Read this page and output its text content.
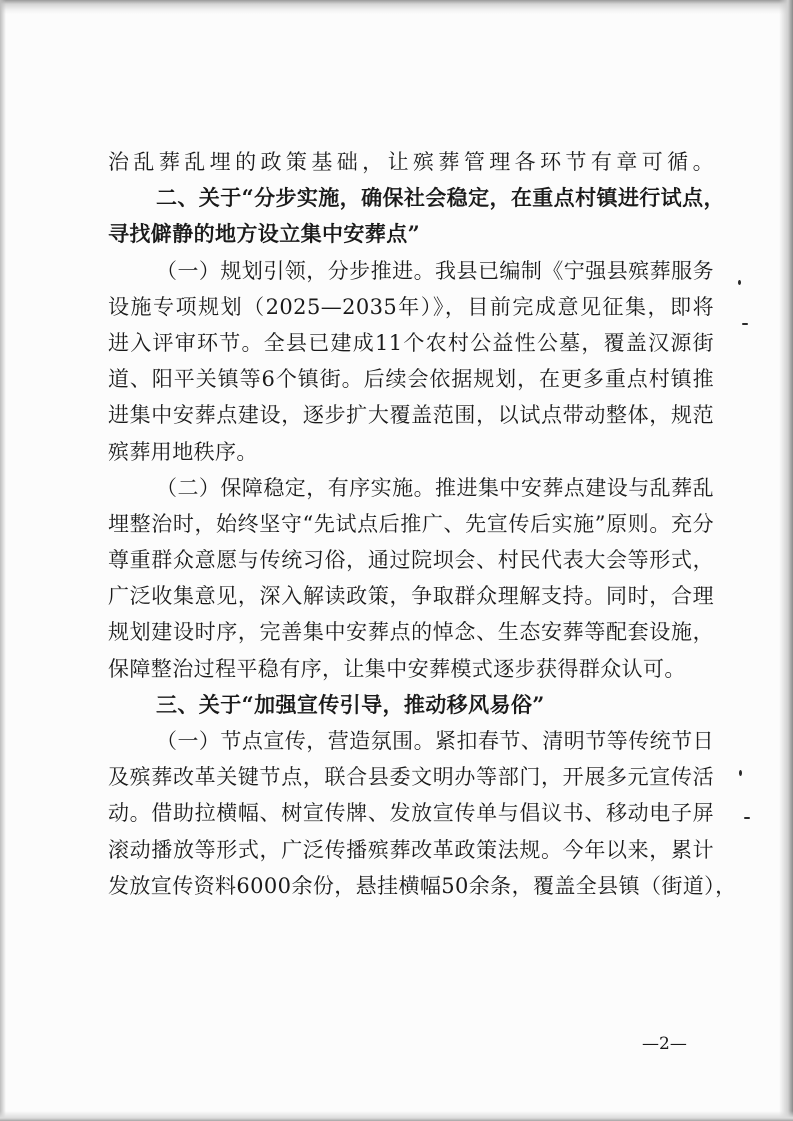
治乱葬乱埋的政策基础，让殡葬管理各环节有章可循。
二、关于“分步实施，确保社会稳定，在重点村镇进行试点，
寻找僻静的地方设立集中安葬点”
（一）规划引领，分步推进。我县已编制《宁强县殡葬服务
设施专项规划（2025—2035年）》，目前完成意见征集，即将
进入评审环节。全县已建成11个农村公益性公墓，覆盖汉源街
道、阳平关镇等6个镇街。后续会依据规划，在更多重点村镇推
进集中安葬点建设，逐步扩大覆盖范围，以试点带动整体，规范
殡葬用地秩序。
（二）保障稳定，有序实施。推进集中安葬点建设与乱葬乱
埋整治时，始终坚守“先试点后推广、先宣传后实施”原则。充分
尊重群众意愿与传统习俗，通过院坝会、村民代表大会等形式，
广泛收集意见，深入解读政策，争取群众理解支持。同时，合理
规划建设时序，完善集中安葬点的悼念、生态安葬等配套设施，
保障整治过程平稳有序，让集中安葬模式逐步获得群众认可。
三、关于“加强宣传引导，推动移风易俗”
（一）节点宣传，营造氛围。紧扣春节、清明节等传统节日
及殡葬改革关键节点，联合县委文明办等部门，开展多元宣传活
动。借助拉横幅、树宣传牌、发放宣传单与倡议书、移动电子屏
滚动播放等形式，广泛传播殡葬改革政策法规。今年以来，累计
发放宣传资料6000余份，悬挂横幅50余条，覆盖全县镇（街道），
—2—
